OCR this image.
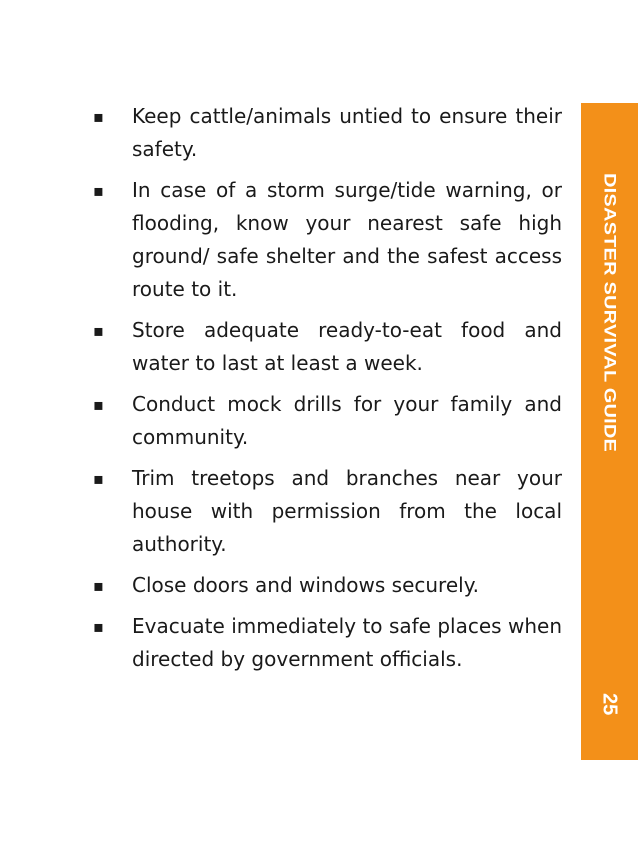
▪ Keep cattle/animals untied to ensure their safety.
▪ In case of a storm surge/tide warning, or flooding, know your nearest safe high ground/ safe shelter and the safest access route to it.
▪ Store adequate ready-to-eat food and water to last at least a week.
▪ Conduct mock drills for your family and community.
▪ Trim treetops and branches near your house with permission from the local authority.
▪ Close doors and windows securely.
▪ Evacuate immediately to safe places when directed by government officials.
DISASTER SURVIVAL GUIDE
25
